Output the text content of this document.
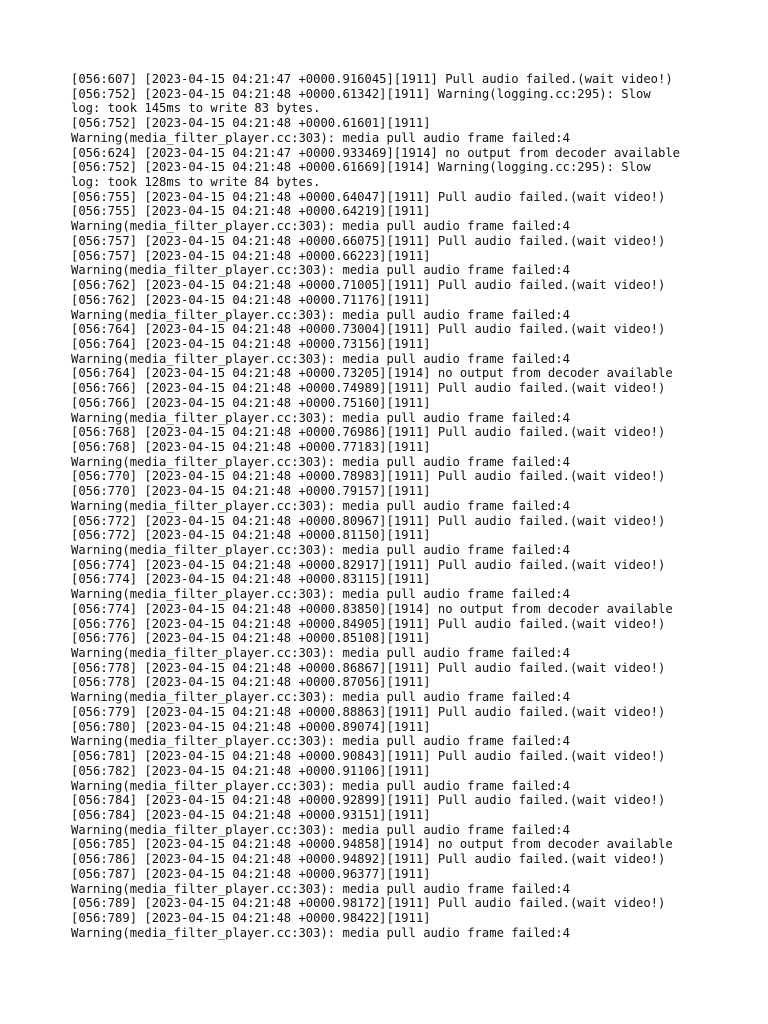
[056:607] [2023-04-15 04:21:47 +0000.916045][1911] Pull audio failed.(wait video!)
[056:752] [2023-04-15 04:21:48 +0000.61342][1911] Warning(logging.cc:295): Slow
log: took 145ms to write 83 bytes.
[056:752] [2023-04-15 04:21:48 +0000.61601][1911]
Warning(media_filter_player.cc:303): media pull audio frame failed:4
[056:624] [2023-04-15 04:21:47 +0000.933469][1914] no output from decoder available
[056:752] [2023-04-15 04:21:48 +0000.61669][1914] Warning(logging.cc:295): Slow
log: took 128ms to write 84 bytes.
[056:755] [2023-04-15 04:21:48 +0000.64047][1911] Pull audio failed.(wait video!)
[056:755] [2023-04-15 04:21:48 +0000.64219][1911]
Warning(media_filter_player.cc:303): media pull audio frame failed:4
[056:757] [2023-04-15 04:21:48 +0000.66075][1911] Pull audio failed.(wait video!)
[056:757] [2023-04-15 04:21:48 +0000.66223][1911]
Warning(media_filter_player.cc:303): media pull audio frame failed:4
[056:762] [2023-04-15 04:21:48 +0000.71005][1911] Pull audio failed.(wait video!)
[056:762] [2023-04-15 04:21:48 +0000.71176][1911]
Warning(media_filter_player.cc:303): media pull audio frame failed:4
[056:764] [2023-04-15 04:21:48 +0000.73004][1911] Pull audio failed.(wait video!)
[056:764] [2023-04-15 04:21:48 +0000.73156][1911]
Warning(media_filter_player.cc:303): media pull audio frame failed:4
[056:764] [2023-04-15 04:21:48 +0000.73205][1914] no output from decoder available
[056:766] [2023-04-15 04:21:48 +0000.74989][1911] Pull audio failed.(wait video!)
[056:766] [2023-04-15 04:21:48 +0000.75160][1911]
Warning(media_filter_player.cc:303): media pull audio frame failed:4
[056:768] [2023-04-15 04:21:48 +0000.76986][1911] Pull audio failed.(wait video!)
[056:768] [2023-04-15 04:21:48 +0000.77183][1911]
Warning(media_filter_player.cc:303): media pull audio frame failed:4
[056:770] [2023-04-15 04:21:48 +0000.78983][1911] Pull audio failed.(wait video!)
[056:770] [2023-04-15 04:21:48 +0000.79157][1911]
Warning(media_filter_player.cc:303): media pull audio frame failed:4
[056:772] [2023-04-15 04:21:48 +0000.80967][1911] Pull audio failed.(wait video!)
[056:772] [2023-04-15 04:21:48 +0000.81150][1911]
Warning(media_filter_player.cc:303): media pull audio frame failed:4
[056:774] [2023-04-15 04:21:48 +0000.82917][1911] Pull audio failed.(wait video!)
[056:774] [2023-04-15 04:21:48 +0000.83115][1911]
Warning(media_filter_player.cc:303): media pull audio frame failed:4
[056:774] [2023-04-15 04:21:48 +0000.83850][1914] no output from decoder available
[056:776] [2023-04-15 04:21:48 +0000.84905][1911] Pull audio failed.(wait video!)
[056:776] [2023-04-15 04:21:48 +0000.85108][1911]
Warning(media_filter_player.cc:303): media pull audio frame failed:4
[056:778] [2023-04-15 04:21:48 +0000.86867][1911] Pull audio failed.(wait video!)
[056:778] [2023-04-15 04:21:48 +0000.87056][1911]
Warning(media_filter_player.cc:303): media pull audio frame failed:4
[056:779] [2023-04-15 04:21:48 +0000.88863][1911] Pull audio failed.(wait video!)
[056:780] [2023-04-15 04:21:48 +0000.89074][1911]
Warning(media_filter_player.cc:303): media pull audio frame failed:4
[056:781] [2023-04-15 04:21:48 +0000.90843][1911] Pull audio failed.(wait video!)
[056:782] [2023-04-15 04:21:48 +0000.91106][1911]
Warning(media_filter_player.cc:303): media pull audio frame failed:4
[056:784] [2023-04-15 04:21:48 +0000.92899][1911] Pull audio failed.(wait video!)
[056:784] [2023-04-15 04:21:48 +0000.93151][1911]
Warning(media_filter_player.cc:303): media pull audio frame failed:4
[056:785] [2023-04-15 04:21:48 +0000.94858][1914] no output from decoder available
[056:786] [2023-04-15 04:21:48 +0000.94892][1911] Pull audio failed.(wait video!)
[056:787] [2023-04-15 04:21:48 +0000.96377][1911]
Warning(media_filter_player.cc:303): media pull audio frame failed:4
[056:789] [2023-04-15 04:21:48 +0000.98172][1911] Pull audio failed.(wait video!)
[056:789] [2023-04-15 04:21:48 +0000.98422][1911]
Warning(media_filter_player.cc:303): media pull audio frame failed:4
